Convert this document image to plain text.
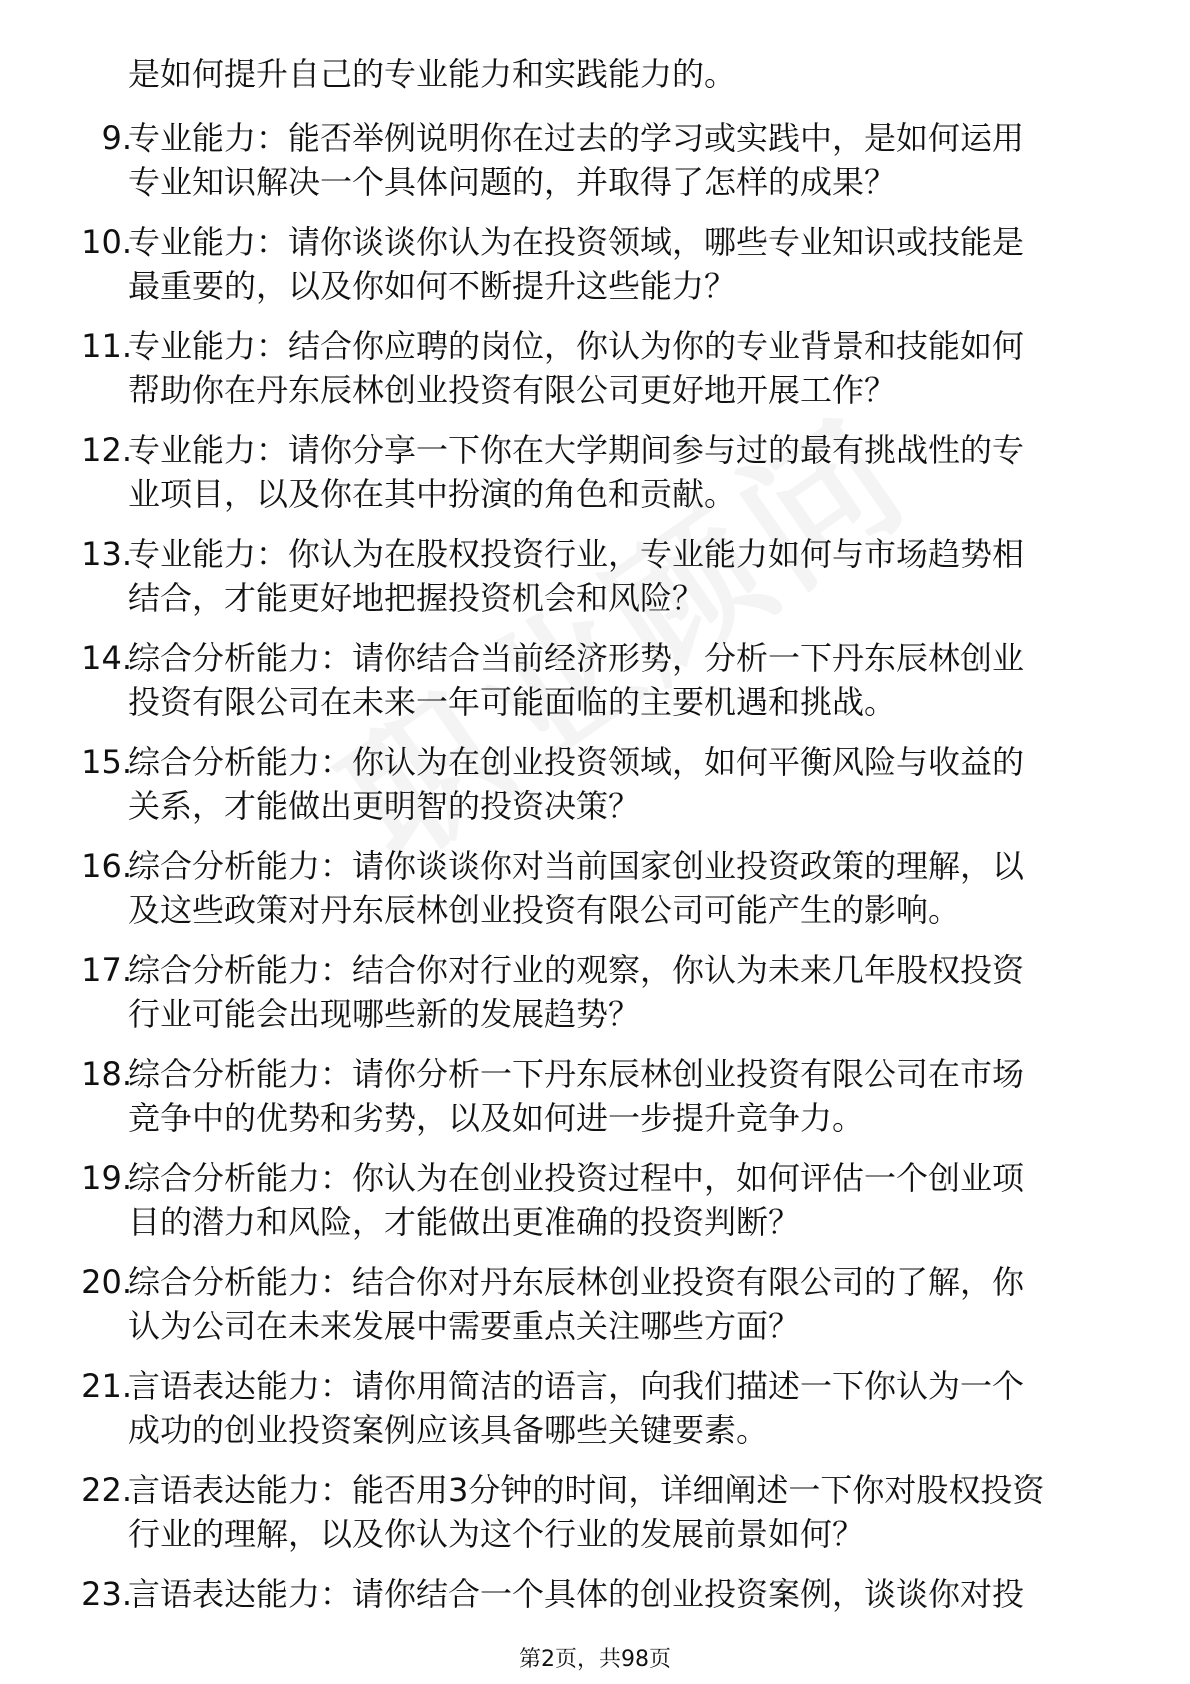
是如何提升自己的专业能力和实践能力的。
9.
专业能力：能否举例说明你在过去的学习或实践中，是如何运用
专业知识解决一个具体问题的，并取得了怎样的成果？
10.
专业能力：请你谈谈你认为在投资领域，哪些专业知识或技能是
最重要的，以及你如何不断提升这些能力？
11.
专业能力：结合你应聘的岗位，你认为你的专业背景和技能如何
帮助你在丹东辰林创业投资有限公司更好地开展工作？
12.
专业能力：请你分享一下你在大学期间参与过的最有挑战性的专
业项目，以及你在其中扮演的角色和贡献。
13.
专业能力：你认为在股权投资行业，专业能力如何与市场趋势相
结合，才能更好地把握投资机会和风险？
14.
综合分析能力：请你结合当前经济形势，分析一下丹东辰林创业
投资有限公司在未来一年可能面临的主要机遇和挑战。
15.
综合分析能力：你认为在创业投资领域，如何平衡风险与收益的
关系，才能做出更明智的投资决策？
16.
综合分析能力：请你谈谈你对当前国家创业投资政策的理解，以
及这些政策对丹东辰林创业投资有限公司可能产生的影响。
17.
综合分析能力：结合你对行业的观察，你认为未来几年股权投资
行业可能会出现哪些新的发展趋势？
18.
综合分析能力：请你分析一下丹东辰林创业投资有限公司在市场
竞争中的优势和劣势，以及如何进一步提升竞争力。
19.
综合分析能力：你认为在创业投资过程中，如何评估一个创业项
目的潜力和风险，才能做出更准确的投资判断？
20.
综合分析能力：结合你对丹东辰林创业投资有限公司的了解，你
认为公司在未来发展中需要重点关注哪些方面？
21.
言语表达能力：请你用简洁的语言，向我们描述一下你认为一个
成功的创业投资案例应该具备哪些关键要素。
22.
言语表达能力：能否用3分钟的时间，详细阐述一下你对股权投资
行业的理解，以及你认为这个行业的发展前景如何？
23.
言语表达能力：请你结合一个具体的创业投资案例，谈谈你对投
第2页，共98页
